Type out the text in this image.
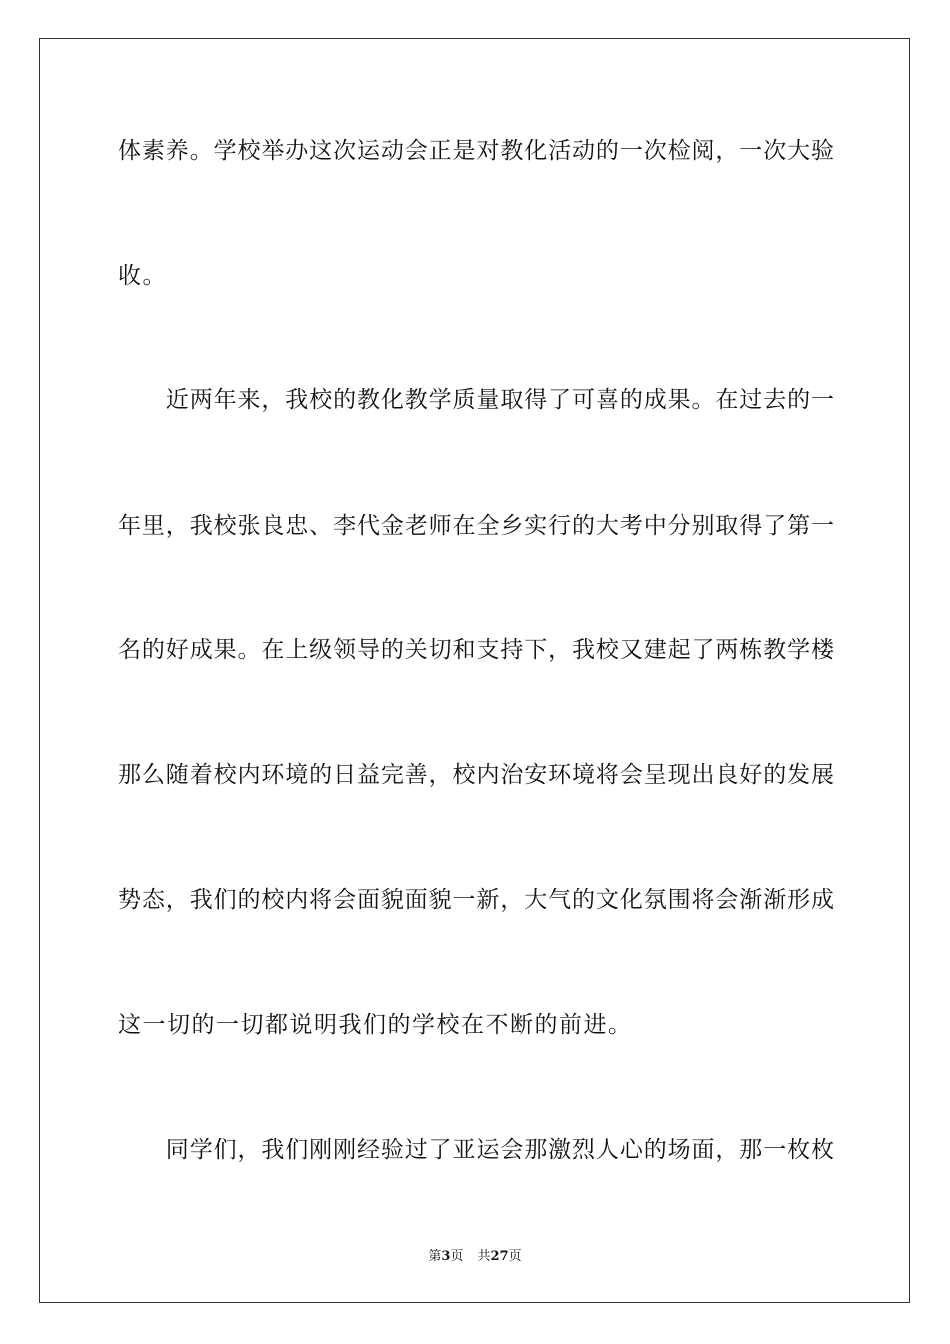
体素养。学校举办这次运动会正是对教化活动的一次检阅，一次大验
收。
　　近两年来，我校的教化教学质量取得了可喜的成果。在过去的一
年里，我校张良忠、李代金老师在全乡实行的大考中分别取得了第一
名的好成果。在上级领导的关切和支持下，我校又建起了两栋教学楼
那么随着校内环境的日益完善，校内治安环境将会呈现出良好的发展
势态，我们的校内将会面貌面貌一新，大气的文化氛围将会渐渐形成
这一切的一切都说明我们的学校在不断的前进。
　　同学们，我们刚刚经验过了亚运会那激烈人心的场面，那一枚枚
第3页 共27页
